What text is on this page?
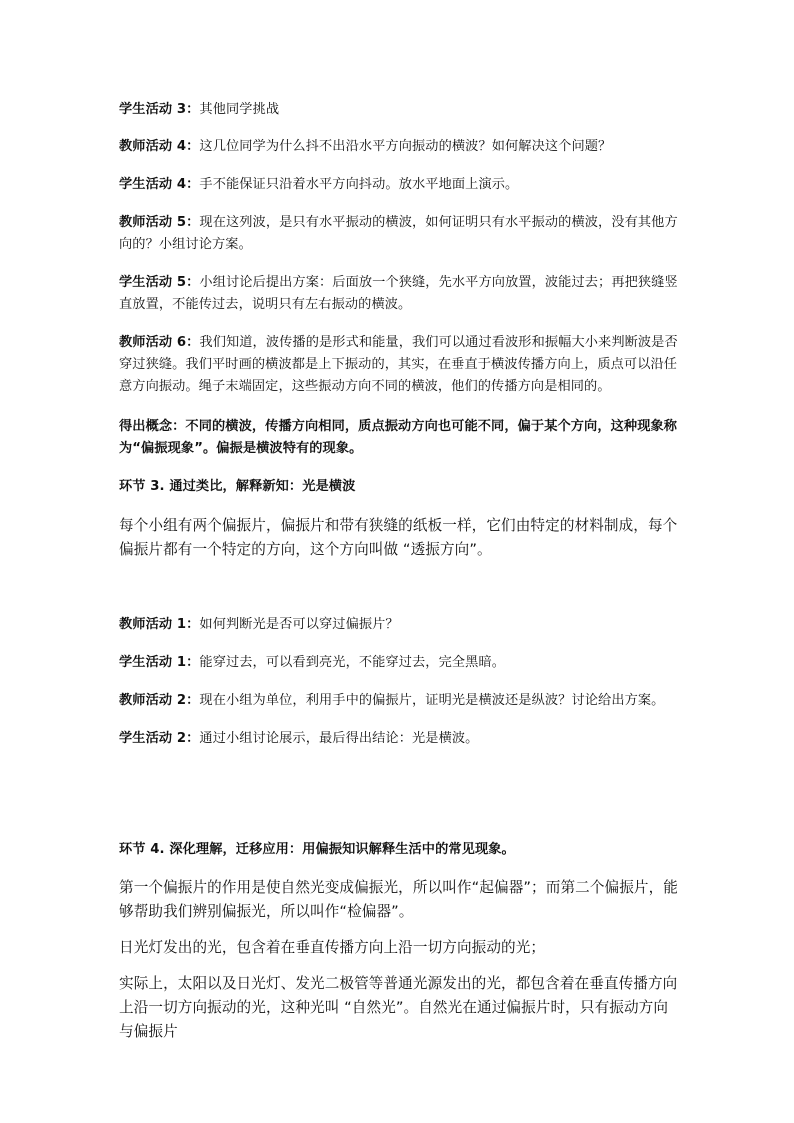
学生活动 3：其他同学挑战

教师活动 4：这几位同学为什么抖不出沿水平方向振动的横波？如何解决这个问题？

学生活动 4：手不能保证只沿着水平方向抖动。放水平地面上演示。

教师活动 5：现在这列波，是只有水平振动的横波，如何证明只有水平振动的横波，没有其他方向的？小组讨论方案。

学生活动 5：小组讨论后提出方案：后面放一个狭缝，先水平方向放置，波能过去；再把狭缝竖直放置，不能传过去，说明只有左右振动的横波。

教师活动 6：我们知道，波传播的是形式和能量，我们可以通过看波形和振幅大小来判断波是否穿过狭缝。我们平时画的横波都是上下振动的，其实，在垂直于横波传播方向上，质点可以沿任意方向振动。绳子末端固定，这些振动方向不同的横波，他们的传播方向是相同的。

得出概念：不同的横波，传播方向相同，质点振动方向也可能不同，偏于某个方向，这种现象称为“偏振现象”。偏振是横波特有的现象。

环节 3. 通过类比，解释新知：光是横波

每个小组有两个偏振片，偏振片和带有狭缝的纸板一样，它们由特定的材料制成，每个偏振片都有一个特定的方向，这个方向叫做 “透振方向”。

教师活动 1：如何判断光是否可以穿过偏振片？

学生活动 1：能穿过去，可以看到亮光，不能穿过去，完全黑暗。

教师活动 2：现在小组为单位，利用手中的偏振片，证明光是横波还是纵波？讨论给出方案。

学生活动 2：通过小组讨论展示，最后得出结论：光是横波。

环节 4. 深化理解，迁移应用：用偏振知识解释生活中的常见现象。

第一个偏振片的作用是使自然光变成偏振光，所以叫作“起偏器”；而第二个偏振片，能够帮助我们辨别偏振光，所以叫作“检偏器”。

日光灯发出的光，包含着在垂直传播方向上沿一切方向振动的光；

实际上，太阳以及日光灯、发光二极管等普通光源发出的光，都包含着在垂直传播方向上沿一切方向振动的光，这种光叫 “自然光”。自然光在通过偏振片时，只有振动方向与偏振片
